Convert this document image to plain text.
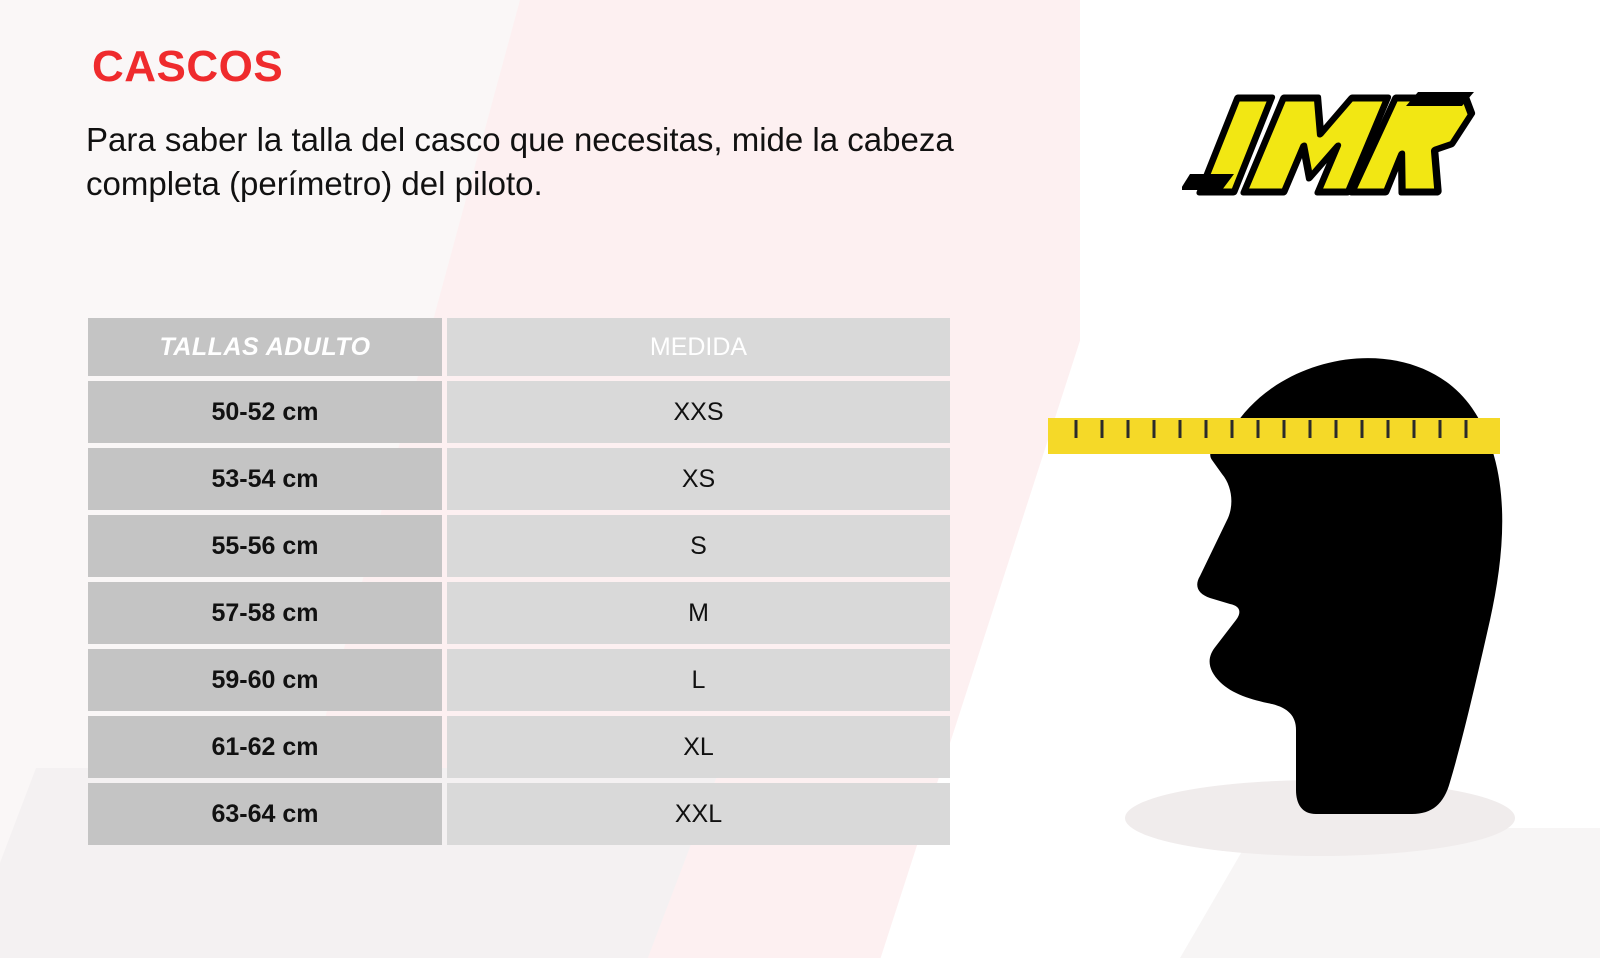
CASCOS
Para saber la talla del casco que necesitas, mide la cabeza completa (perímetro) del piloto.
TALLAS ADULTO	MEDIDA
50-52 cm	XXS
53-54 cm	XS
55-56 cm	S
57-58 cm	M
59-60 cm	L
61-62 cm	XL
63-64 cm	XXL
